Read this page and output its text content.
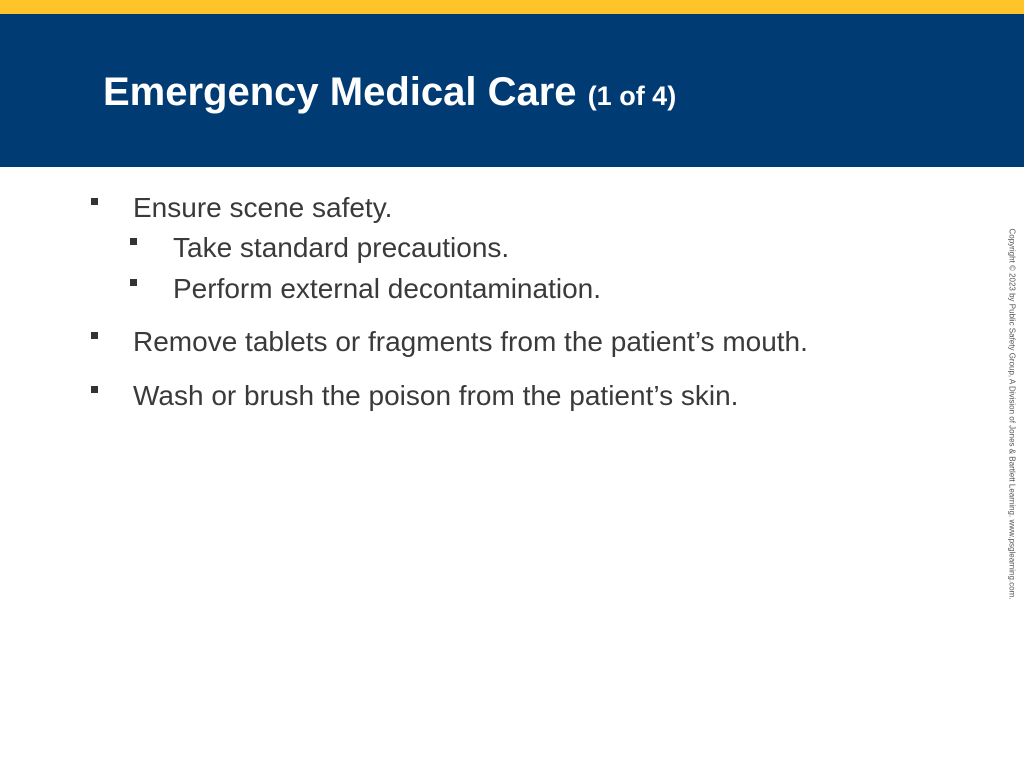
Emergency Medical Care (1 of 4)
Ensure scene safety.
Take standard precautions.
Perform external decontamination.
Remove tablets or fragments from the patient’s mouth.
Wash or brush the poison from the patient’s skin.	Copyright © 2023 by Public Safety Group, A Division of Jones & Bartlett Learning. www.psglearning.com.
